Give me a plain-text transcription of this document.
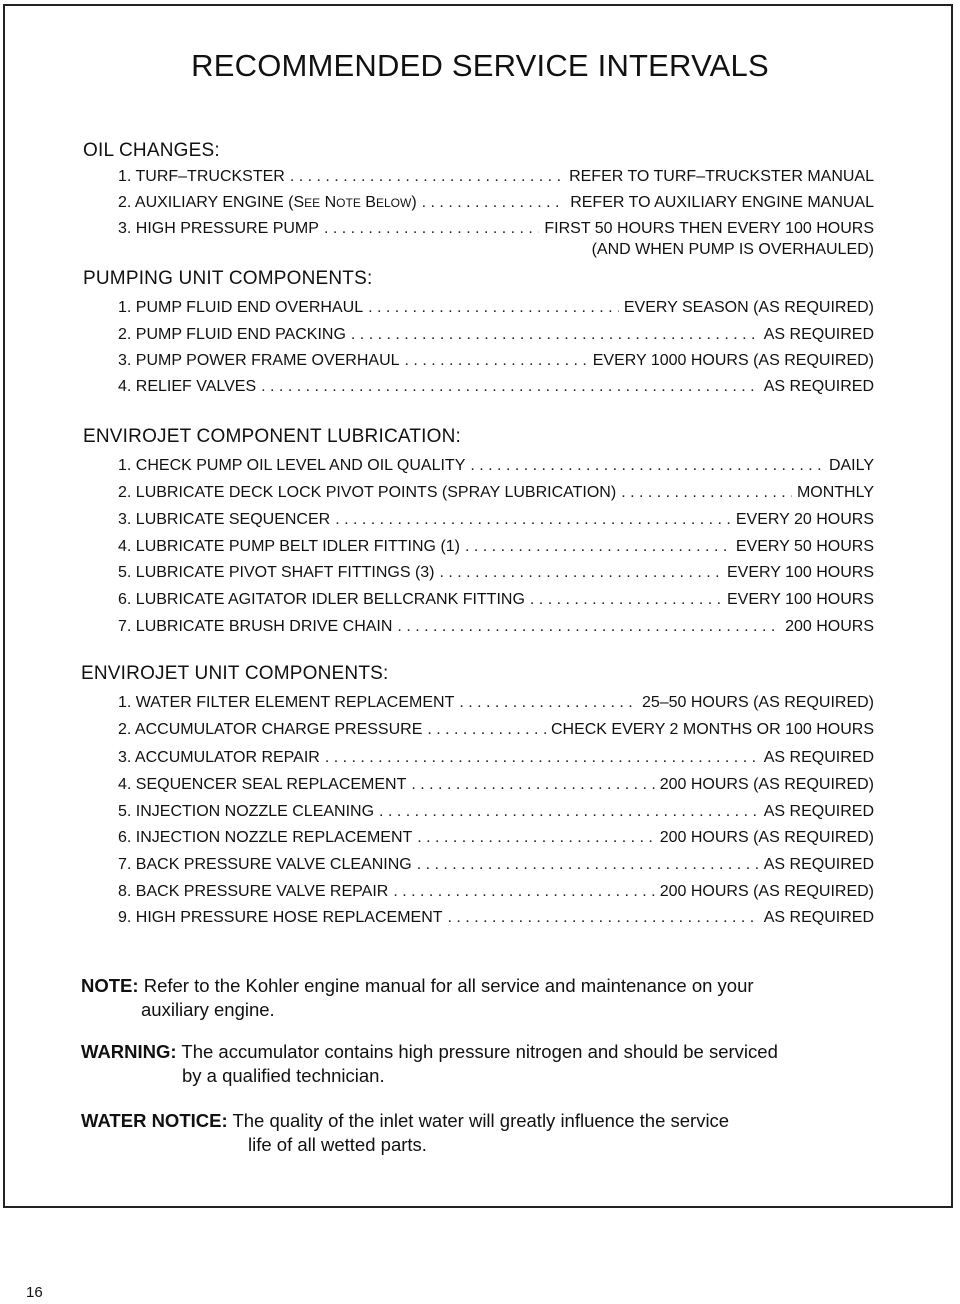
RECOMMENDED SERVICE INTERVALS
OIL CHANGES:
1. TURF–TRUCKSTER . . .	REFER TO TURF–TRUCKSTER MANUAL
2. AUXILIARY ENGINE (SEE NOTE BELOW) . . .	REFER TO AUXILIARY ENGINE MANUAL
3. HIGH PRESSURE PUMP . . .	FIRST 50 HOURS THEN EVERY 100 HOURS
(AND WHEN PUMP IS OVERHAULED)
PUMPING UNIT COMPONENTS:
1. PUMP FLUID END OVERHAUL . . .	EVERY SEASON (AS REQUIRED)
2. PUMP FLUID END PACKING . . .	AS REQUIRED
3. PUMP POWER FRAME OVERHAUL . . .	EVERY 1000 HOURS (AS REQUIRED)
4. RELIEF VALVES . . .	AS REQUIRED
ENVIROJET COMPONENT LUBRICATION:
1. CHECK PUMP OIL LEVEL AND OIL QUALITY . . .	DAILY
2. LUBRICATE DECK LOCK PIVOT POINTS (SPRAY LUBRICATION) . . .	MONTHLY
3. LUBRICATE SEQUENCER . . .	EVERY 20 HOURS
4. LUBRICATE PUMP BELT IDLER FITTING (1) . . .	EVERY 50 HOURS
5. LUBRICATE PIVOT SHAFT FITTINGS (3) . . .	EVERY 100 HOURS
6. LUBRICATE AGITATOR IDLER BELLCRANK FITTING . . .	EVERY 100 HOURS
7. LUBRICATE BRUSH DRIVE CHAIN . . .	200 HOURS
ENVIROJET UNIT COMPONENTS:
1. WATER FILTER ELEMENT REPLACEMENT . . .	25–50 HOURS (AS REQUIRED)
2. ACCUMULATOR CHARGE PRESSURE . . .	CHECK EVERY 2 MONTHS OR 100 HOURS
3. ACCUMULATOR REPAIR . . .	AS REQUIRED
4. SEQUENCER SEAL REPLACEMENT . . .	200 HOURS (AS REQUIRED)
5. INJECTION NOZZLE CLEANING . . .	AS REQUIRED
6. INJECTION NOZZLE REPLACEMENT . . .	200 HOURS (AS REQUIRED)
7. BACK PRESSURE VALVE CLEANING . . .	AS REQUIRED
8. BACK PRESSURE VALVE REPAIR . . .	200 HOURS (AS REQUIRED)
9. HIGH PRESSURE HOSE REPLACEMENT . . .	AS REQUIRED
NOTE: Refer to the Kohler engine manual for all service and maintenance on your
auxiliary engine.
WARNING: The accumulator contains high pressure nitrogen and should be serviced
by a qualified technician.
WATER NOTICE: The quality of the inlet water will greatly influence the service
life of all wetted parts.
16
